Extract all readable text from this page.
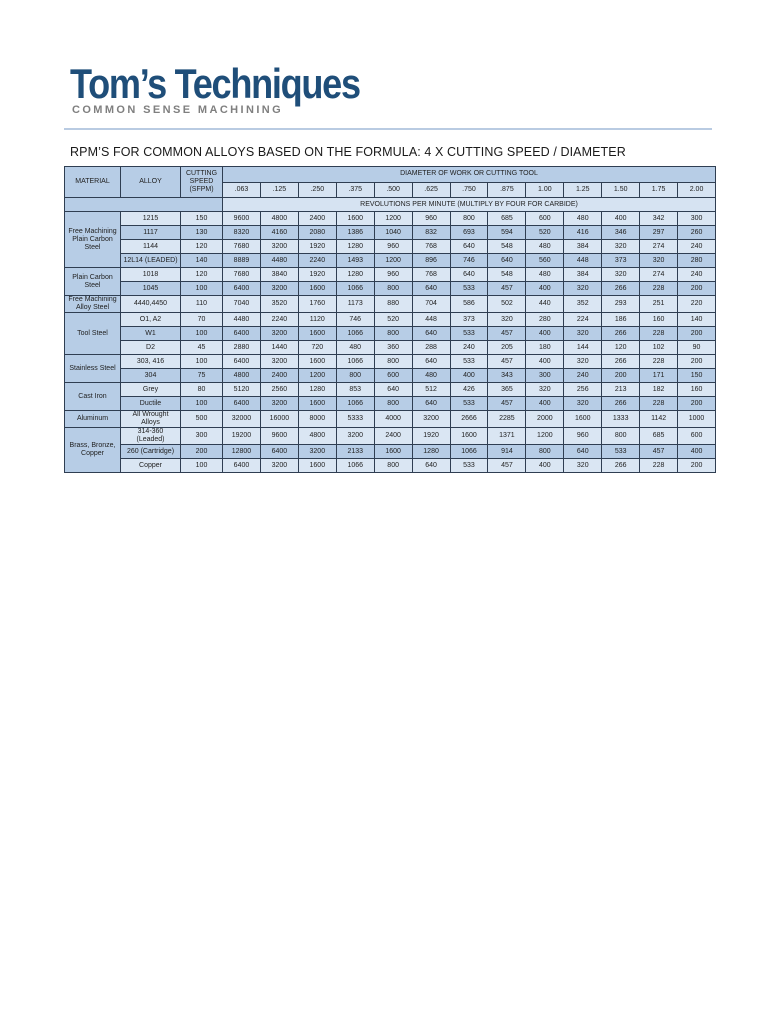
Tom’s Techniques
COMMON SENSE MACHINING
RPM’S FOR COMMON ALLOYS BASED ON THE FORMULA: 4 X CUTTING SPEED / DIAMETER
MATERIAL	ALLOY	CUTTING SPEED (SFPM)	DIAMETER OF WORK OR CUTTING TOOL												
			.063	.125	.250	.375	.500	.625	.750	.875	1.00	1.25	1.50	1.75	2.00
			REVOLUTIONS PER MINUTE (MULTIPLY BY FOUR FOR CARBIDE)												
Free Machining Plain Carbon Steel	1215	150	9600	4800	2400	1600	1200	960	800	685	600	480	400	342	300
	1117	130	8320	4160	2080	1386	1040	832	693	594	520	416	346	297	260
	1144	120	7680	3200	1920	1280	960	768	640	548	480	384	320	274	240
	12L14 (LEADED)	140	8889	4480	2240	1493	1200	896	746	640	560	448	373	320	280
Plain Carbon Steel	1018	120	7680	3840	1920	1280	960	768	640	548	480	384	320	274	240
	1045	100	6400	3200	1600	1066	800	640	533	457	400	320	266	228	200
Free Machining Alloy Steel	4440,4450	110	7040	3520	1760	1173	880	704	586	502	440	352	293	251	220
Tool Steel	O1, A2	70	4480	2240	1120	746	520	448	373	320	280	224	186	160	140
	W1	100	6400	3200	1600	1066	800	640	533	457	400	320	266	228	200
	D2	45	2880	1440	720	480	360	288	240	205	180	144	120	102	90
Stainless Steel	303, 416	100	6400	3200	1600	1066	800	640	533	457	400	320	266	228	200
	304	75	4800	2400	1200	800	600	480	400	343	300	240	200	171	150
Cast Iron	Grey	80	5120	2560	1280	853	640	512	426	365	320	256	213	182	160
	Ductile	100	6400	3200	1600	1066	800	640	533	457	400	320	266	228	200
Aluminum	All Wrought Alloys	500	32000	16000	8000	5333	4000	3200	2666	2285	2000	1600	1333	1142	1000
Brass, Bronze, Copper	314-360 (Leaded)	300	19200	9600	4800	3200	2400	1920	1600	1371	1200	960	800	685	600
	260 (Cartridge)	200	12800	6400	3200	2133	1600	1280	1066	914	800	640	533	457	400
	Copper	100	6400	3200	1600	1066	800	640	533	457	400	320	266	228	200
